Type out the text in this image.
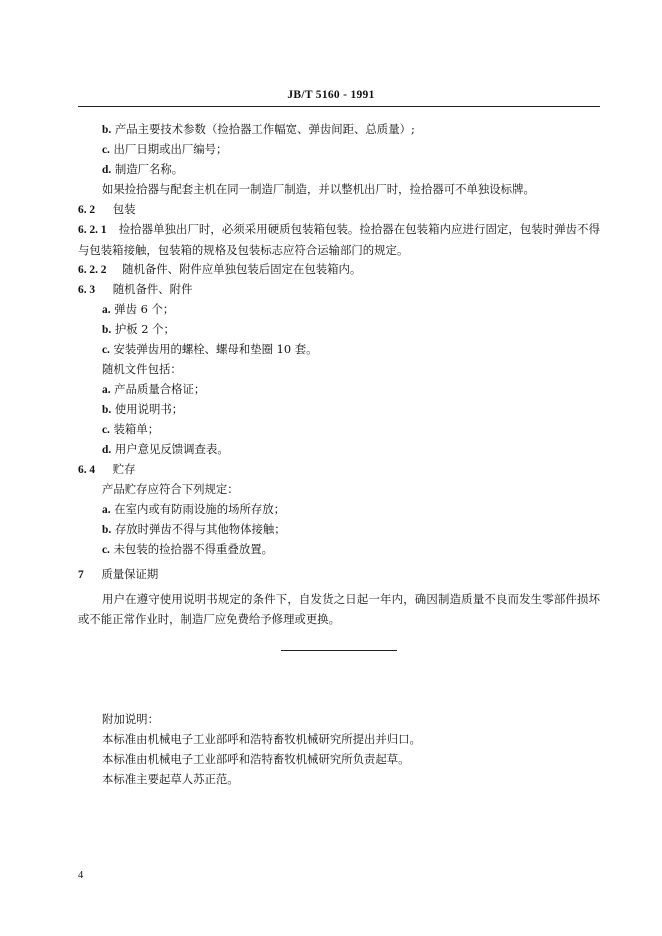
JB/T 5160 - 1991
b. 产品主要技术参数（捡拾器工作幅宽、弹齿间距、总质量）;
c. 出厂日期或出厂编号；
d. 制造厂名称。
如果捡拾器与配套主机在同一制造厂制造，并以整机出厂时，捡拾器可不单独设标牌。
6. 2 包装
6. 2. 1 捡拾器单独出厂时，必须采用硬质包装箱包装。捡拾器在包装箱内应进行固定，包装时弹齿不得与包装箱接触，包装箱的规格及包装标志应符合运输部门的规定。
6. 2. 2 随机备件、附件应单独包装后固定在包装箱内。
6. 3 随机备件、附件
a. 弹齿 6 个；
b. 护板 2 个；
c. 安装弹齿用的螺栓、螺母和垫圈 10 套。
随机文件包括：
a. 产品质量合格证；
b. 使用说明书；
c. 装箱单；
d. 用户意见反馈调查表。
6. 4 贮存
产品贮存应符合下列规定：
a. 在室内或有防雨设施的场所存放；
b. 存放时弹齿不得与其他物体接触；
c. 未包装的捡拾器不得重叠放置。
7 质量保证期
用户在遵守使用说明书规定的条件下，自发货之日起一年内，确因制造质量不良而发生零部件损坏或不能正常作业时，制造厂应免费给予修理或更换。
附加说明：
本标准由机械电子工业部呼和浩特畜牧机械研究所提出并归口。
本标准由机械电子工业部呼和浩特畜牧机械研究所负责起草。
本标准主要起草人苏正范。
4
